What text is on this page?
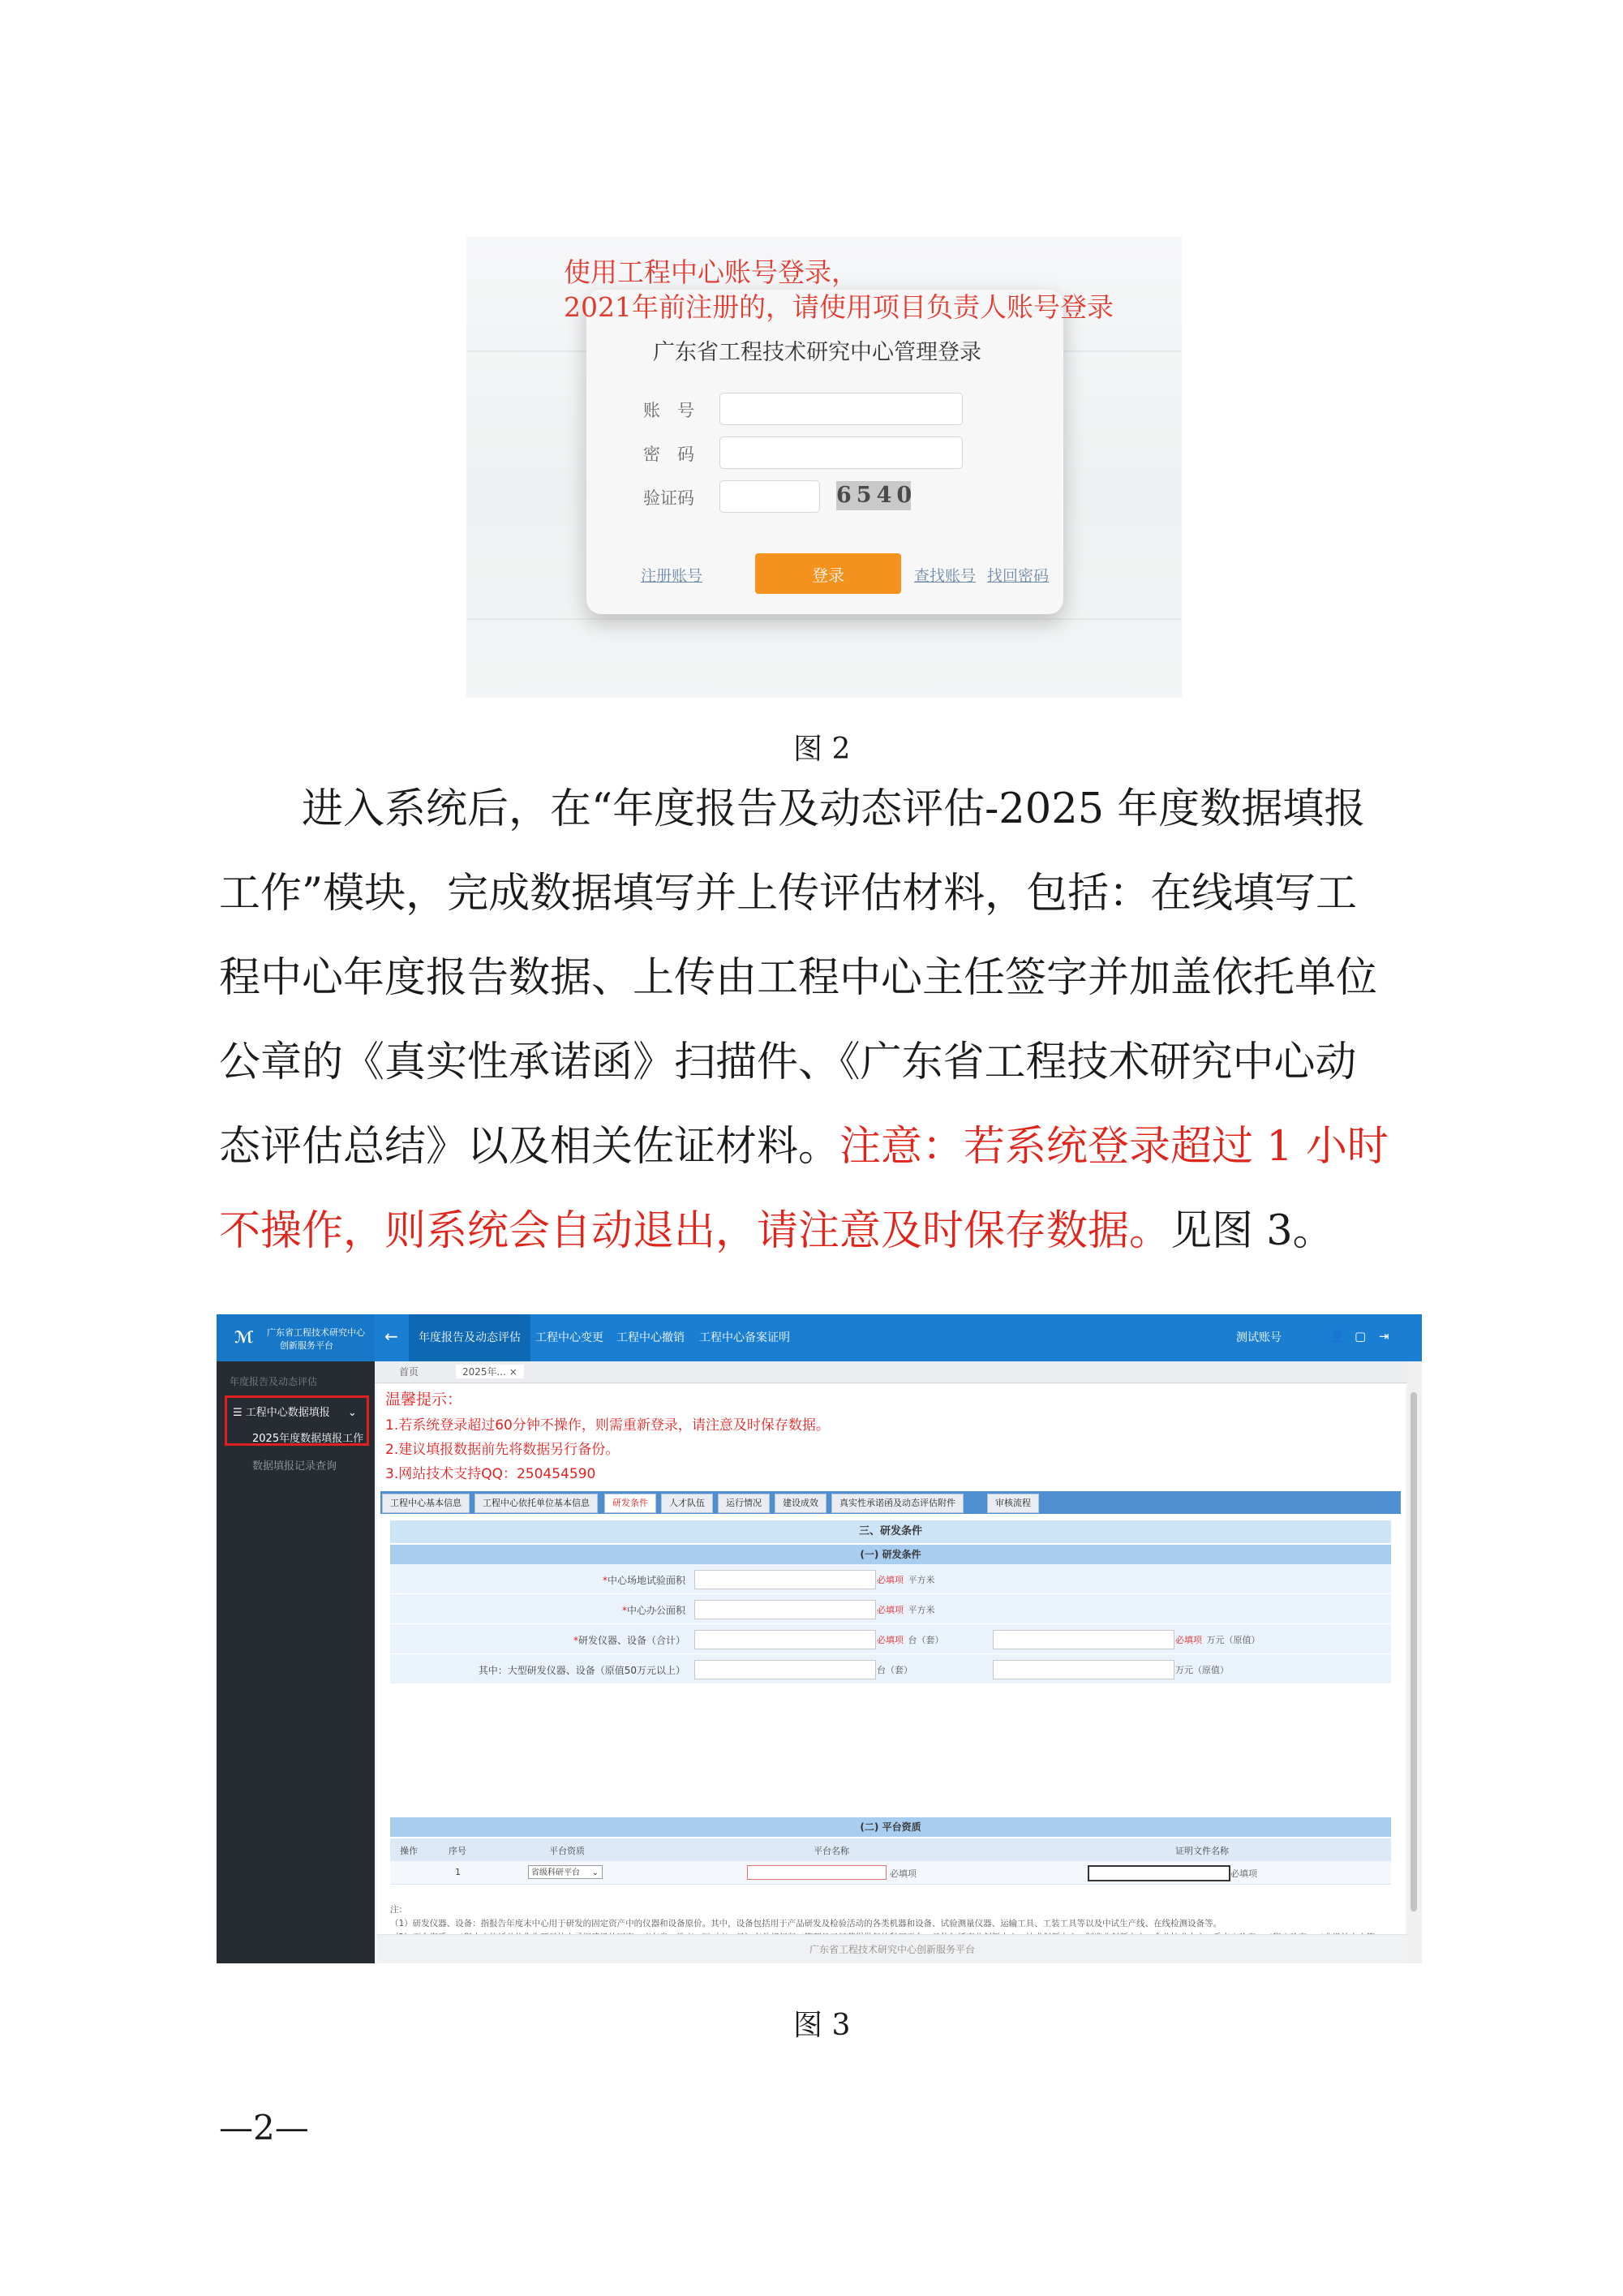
使用工程中心账号登录，
2021年前注册的，请使用项目负责人账号登录
广东省工程技术研究中心管理登录
账　号
密　码
验证码	6540
注册账号	登录	查找账号 找回密码
图 2
进入系统后，在“年度报告及动态评估-2025 年度数据填报
工作”模块，完成数据填写并上传评估材料，包括：在线填写工
程中心年度报告数据、上传由工程中心主任签字并加盖依托单位
公章的《真实性承诺函》扫描件、《广东省工程技术研究中心动
态评估总结》以及相关佐证材料。注意：若系统登录超过 1 小时
不操作，则系统会自动退出，请注意及时保存数据。见图 3。
ℳ	广东省工程技术研究中心
创新服务平台
年度报告及动态评估
☰ 工程中心数据填报 ⌄
2025年度数据填报工作
数据填报记录查询
←	年度报告及动态评估	工程中心变更 工程中心撤销 工程中心备案证明	测试账号	👤 ▢ ⇥
首页	2025年... ×
温馨提示：
1.若系统登录超过60分钟不操作，则需重新登录，请注意及时保存数据。
2.建议填报数据前先将数据另行备份。
3.网站技术支持QQ：250454590
工程中心基本信息	工程中心依托单位基本信息	研发条件	人才队伍	运行情况	建设成效	真实性承诺函及动态评估附件	审核流程
三、研发条件
(一) 研发条件
*中心场地试验面积	必填项 平方米
*中心办公面积	必填项 平方米
*研发仪器、设备（合计）	必填项 台（套）	必填项 万元（原值）
其中：大型研发仪器、设备（原值50万元以上）	台（套）	万元（原值）
(二) 平台资质
操作	序号	平台资质	平台名称	证明文件名称
1	省级科研平台 ⌄	必填项	必填项
注：
（1）研发仪器、设备：指报告年度末中心用于研发的固定资产中的仪器和设备原价。其中，设备包括用于产品研发及检验活动的各类机器和设备、试验测量仪器、运输工具、工装工具等以及中试生产线、在线检测设备等。
广东省工程技术研究中心创新服务平台
图 3
—2—
